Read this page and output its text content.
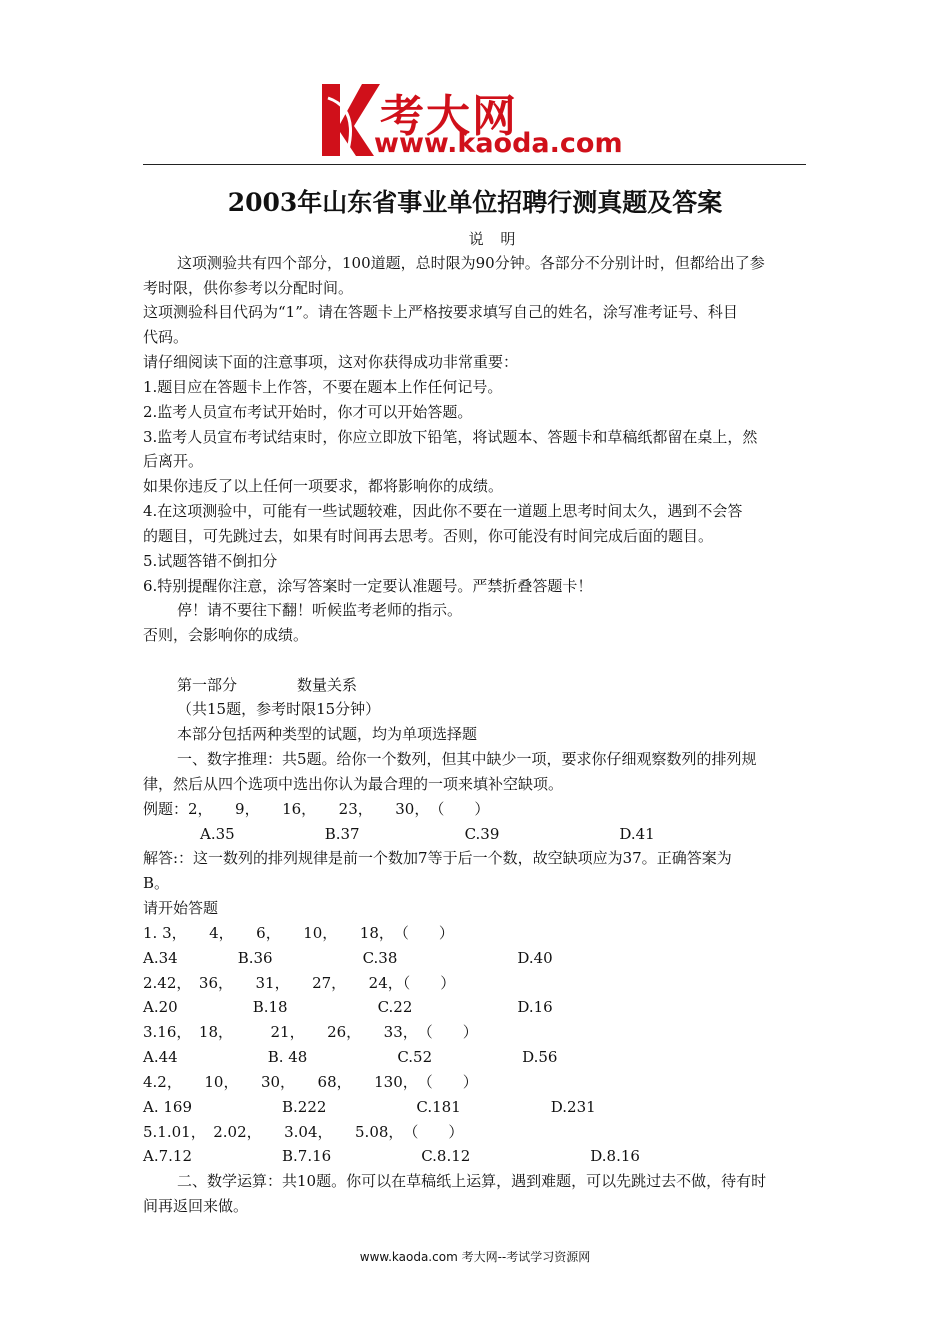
考大网
www.kaoda.com
2003年山东省事业单位招聘行测真题及答案
说 明
这项测验共有四个部分，100道题，总时限为90分钟。各部分不分别计时，但都给出了参
考时限，供你参考以分配时间。
这项测验科目代码为“1”。请在答题卡上严格按要求填写自己的姓名，涂写准考证号、科目
代码。
请仔细阅读下面的注意事项，这对你获得成功非常重要：
1.题目应在答题卡上作答，不要在题本上作任何记号。
2.监考人员宣布考试开始时，你才可以开始答题。
3.监考人员宣布考试结束时，你应立即放下铅笔，将试题本、答题卡和草稿纸都留在桌上，然
后离开。
如果你违反了以上任何一项要求，都将影响你的成绩。
4.在这项测验中，可能有一些试题较难，因此你不要在一道题上思考时间太久，遇到不会答
的题目，可先跳过去，如果有时间再去思考。否则，你可能没有时间完成后面的题目。
5.试题答错不倒扣分
6.特别提醒你注意，涂写答案时一定要认准题号。严禁折叠答题卡！
停！请不要往下翻！听候监考老师的指示。
否则，会影响你的成绩。
第一部分　　　　数量关系
（共15题，参考时限15分钟）
本部分包括两种类型的试题，均为单项选择题
一、数字推理：共5题。给你一个数列，但其中缺少一项，要求你仔细观察数列的排列规
律，然后从四个选项中选出你认为最合理的一项来填补空缺项。
例题：2，　　9，　　16，　　23，　　30，　（　　）
A.35　　　　　　B.37　　　　　　　C.39　　　　　　　　D.41
解答:：这一数列的排列规律是前一个数加7等于后一个数，故空缺项应为37。正确答案为
B。
请开始答题
1. 3，　　4，　　6，　　10，　　18，　（　　）
A.34　　　　B.36　　　　　　C.38　　　　　　　　D.40
2.42，　36，　　31，　　27，　　24，（　　）
A.20　　　　　B.18　　　　　　C.22　　　　　　　D.16
3.16，　18，　　　21，　　26，　　33，　（　　）
A.44　　　　　　B. 48　　　　　　C.52　　　　　　D.56
4.2，　　10，　　30，　　68，　　130，　（　　）
A. 169　　　　　　B.222　　　　　　C.181　　　　　　D.231
5.1.01，　2.02，　　3.04，　　5.08，　（　　）
A.7.12　　　　　　B.7.16　　　　　　C.8.12　　　　　　　　D.8.16
二、数学运算：共10题。你可以在草稿纸上运算，遇到难题，可以先跳过去不做，待有时
间再返回来做。
www.kaoda.com 考大网--考试学习资源网
